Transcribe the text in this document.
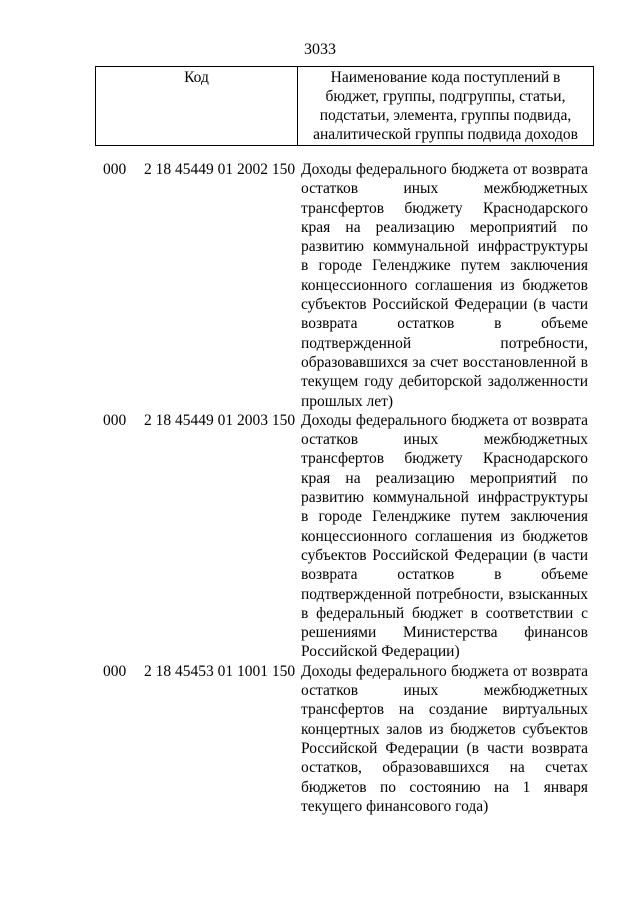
3033
Код	Наименование кода поступлений в бюджет, группы, подгруппы, статьи, подстатьи, элемента, группы подвида, аналитической группы подвида доходов
000 2 18 45449 01 2002 150 Доходы федерального бюджета от возврата остатков иных межбюджетных трансфертов бюджету Краснодарского края на реализацию мероприятий по развитию коммунальной инфраструктуры в городе Геленджике путем заключения концессионного соглашения из бюджетов субъектов Российской Федерации (в части возврата остатков в объеме подтвержденной потребности, образовавшихся за счет восстановленной в текущем году дебиторской задолженности прошлых лет)
000 2 18 45449 01 2003 150 Доходы федерального бюджета от возврата остатков иных межбюджетных трансфертов бюджету Краснодарского края на реализацию мероприятий по развитию коммунальной инфраструктуры в городе Геленджике путем заключения концессионного соглашения из бюджетов субъектов Российской Федерации (в части возврата остатков в объеме подтвержденной потребности, взысканных в федеральный бюджет в соответствии с решениями Министерства финансов Российской Федерации)
000 2 18 45453 01 1001 150 Доходы федерального бюджета от возврата остатков иных межбюджетных трансфертов на создание виртуальных концертных залов из бюджетов субъектов Российской Федерации (в части возврата остатков, образовавшихся на счетах бюджетов по состоянию на 1 января текущего финансового года)
